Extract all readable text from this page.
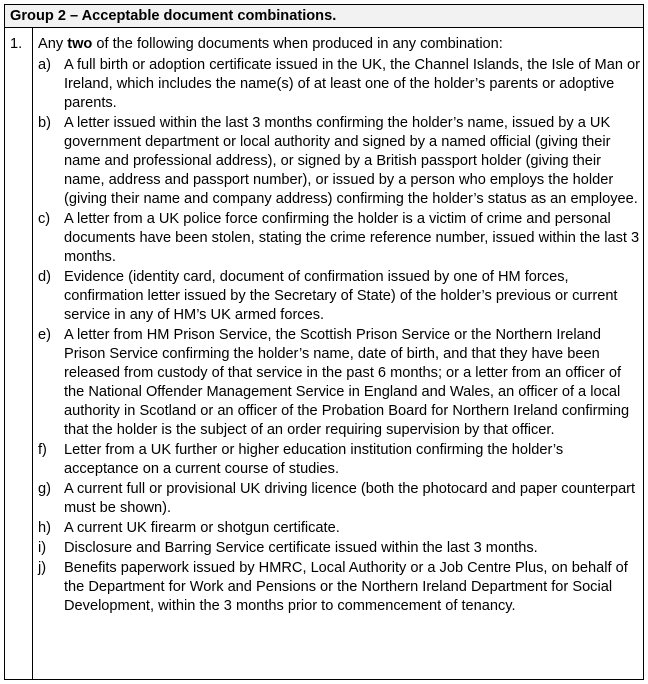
Group 2 – Acceptable document combinations.
1. Any two of the following documents when produced in any combination:

a) A full birth or adoption certificate issued in the UK, the Channel Islands, the Isle of Man or Ireland, which includes the name(s) of at least one of the holder’s parents or adoptive parents.
b) A letter issued within the last 3 months confirming the holder’s name, issued by a UK government department or local authority and signed by a named official (giving their name and professional address), or signed by a British passport holder (giving their name, address and passport number), or issued by a person who employs the holder (giving their name and company address) confirming the holder’s status as an employee.
c) A letter from a UK police force confirming the holder is a victim of crime and personal documents have been stolen, stating the crime reference number, issued within the last 3 months.
d) Evidence (identity card, document of confirmation issued by one of HM forces, confirmation letter issued by the Secretary of State) of the holder’s previous or current service in any of HM’s UK armed forces.
e) A letter from HM Prison Service, the Scottish Prison Service or the Northern Ireland Prison Service confirming the holder’s name, date of birth, and that they have been released from custody of that service in the past 6 months; or a letter from an officer of the National Offender Management Service in England and Wales, an officer of a local authority in Scotland or an officer of the Probation Board for Northern Ireland confirming that the holder is the subject of an order requiring supervision by that officer.
f) Letter from a UK further or higher education institution confirming the holder’s acceptance on a current course of studies.
g) A current full or provisional UK driving licence (both the photocard and paper counterpart must be shown).
h) A current UK firearm or shotgun certificate.
i) Disclosure and Barring Service certificate issued within the last 3 months.
j) Benefits paperwork issued by HMRC, Local Authority or a Job Centre Plus, on behalf of the Department for Work and Pensions or the Northern Ireland Department for Social Development, within the 3 months prior to commencement of tenancy.
